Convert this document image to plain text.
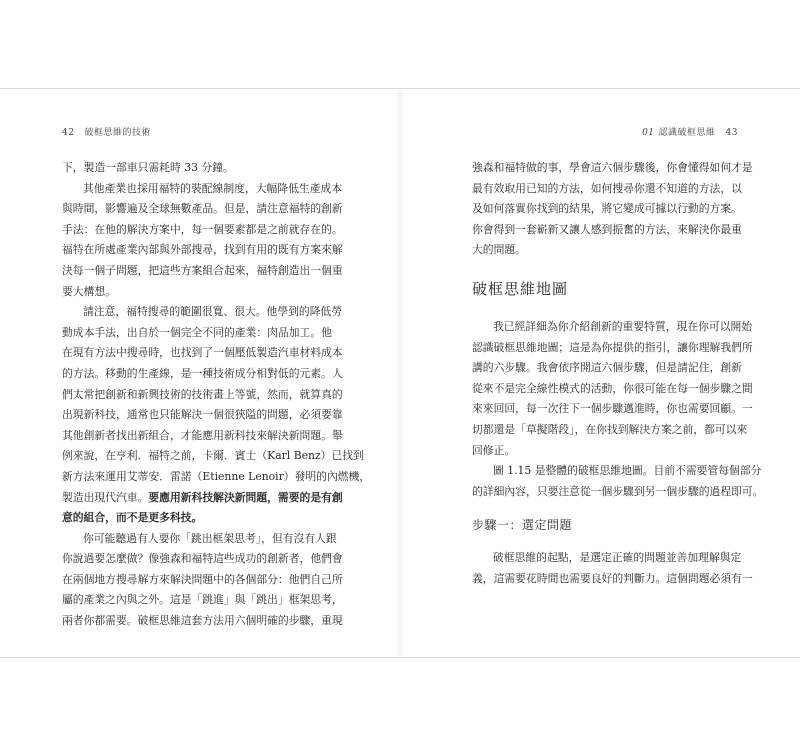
42 破框思維的技術
下，製造一部車只需耗時 33 分鐘。
其他產業也採用福特的裝配線制度，大幅降低生產成本
與時間，影響遍及全球無數產品。但是，請注意福特的創新
手法：在他的解決方案中，每一個要素都是之前就存在的。
福特在所處產業內部與外部搜尋，找到有用的既有方案來解
決每一個子問題，把這些方案組合起來，福特創造出一個重
要大構想。
請注意，福特搜尋的範圍很寬、很大。他學到的降低勞
動成本手法，出自於一個完全不同的產業：肉品加工。他
在現有方法中搜尋時，也找到了一個壓低製造汽車材料成本
的方法。移動的生產線，是一種技術成分相對低的元素。人
們太常把創新和新興技術的技術畫上等號，然而，就算真的
出現新科技，通常也只能解決一個很狹隘的問題，必須要靠
其他創新者找出新組合，才能應用新科技來解決新問題。舉
例來說，在亨利．福特之前，卡爾．賓士（Karl Benz）已找到
新方法來運用艾蒂安．雷諾（Etienne Lenoir）發明的內燃機，
製造出現代汽車。要應用新科技解決新問題，需要的是有創
意的組合，而不是更多科技。
你可能聽過有人要你「跳出框架思考」，但有沒有人跟
你說過要怎麼做？像強森和福特這些成功的創新者，他們會
在兩個地方搜尋解方來解決問題中的各個部分：他們自己所
屬的產業之內與之外。這是「跳進」與「跳出」框架思考，
兩者你都需要。破框思維這套方法用六個明確的步驟，重現
01 認識破框思維 43
強森和福特做的事，學會這六個步驟後，你會懂得如何才是
最有效取用已知的方法，如何搜尋你還不知道的方法，以
及如何落實你找到的結果，將它變成可據以行動的方案。
你會得到一套嶄新又讓人感到振奮的方法，來解決你最重
大的問題。
破框思維地圖
我已經詳細為你介紹創新的重要特質，現在你可以開始
認識破框思維地圖；這是為你提供的指引，讓你理解我們所
講的六步驟。我會依序開這六個步驟，但是請記住，創新
從來不是完全線性模式的活動，你很可能在每一個步驟之間
來來回回，每一次往下一個步驟邁進時，你也需要回顧。一
切都還是「草擬階段」，在你找到解決方案之前，都可以來
回修正。
圖 1.15 是整體的破框思維地圖。目前不需要管每個部分
的詳細內容，只要注意從一個步驟到另一個步驟的過程即可。
步驟一：選定問題
破框思維的起點，是選定正確的問題並善加理解與定
義，這需要花時間也需要良好的判斷力。這個問題必須有一
